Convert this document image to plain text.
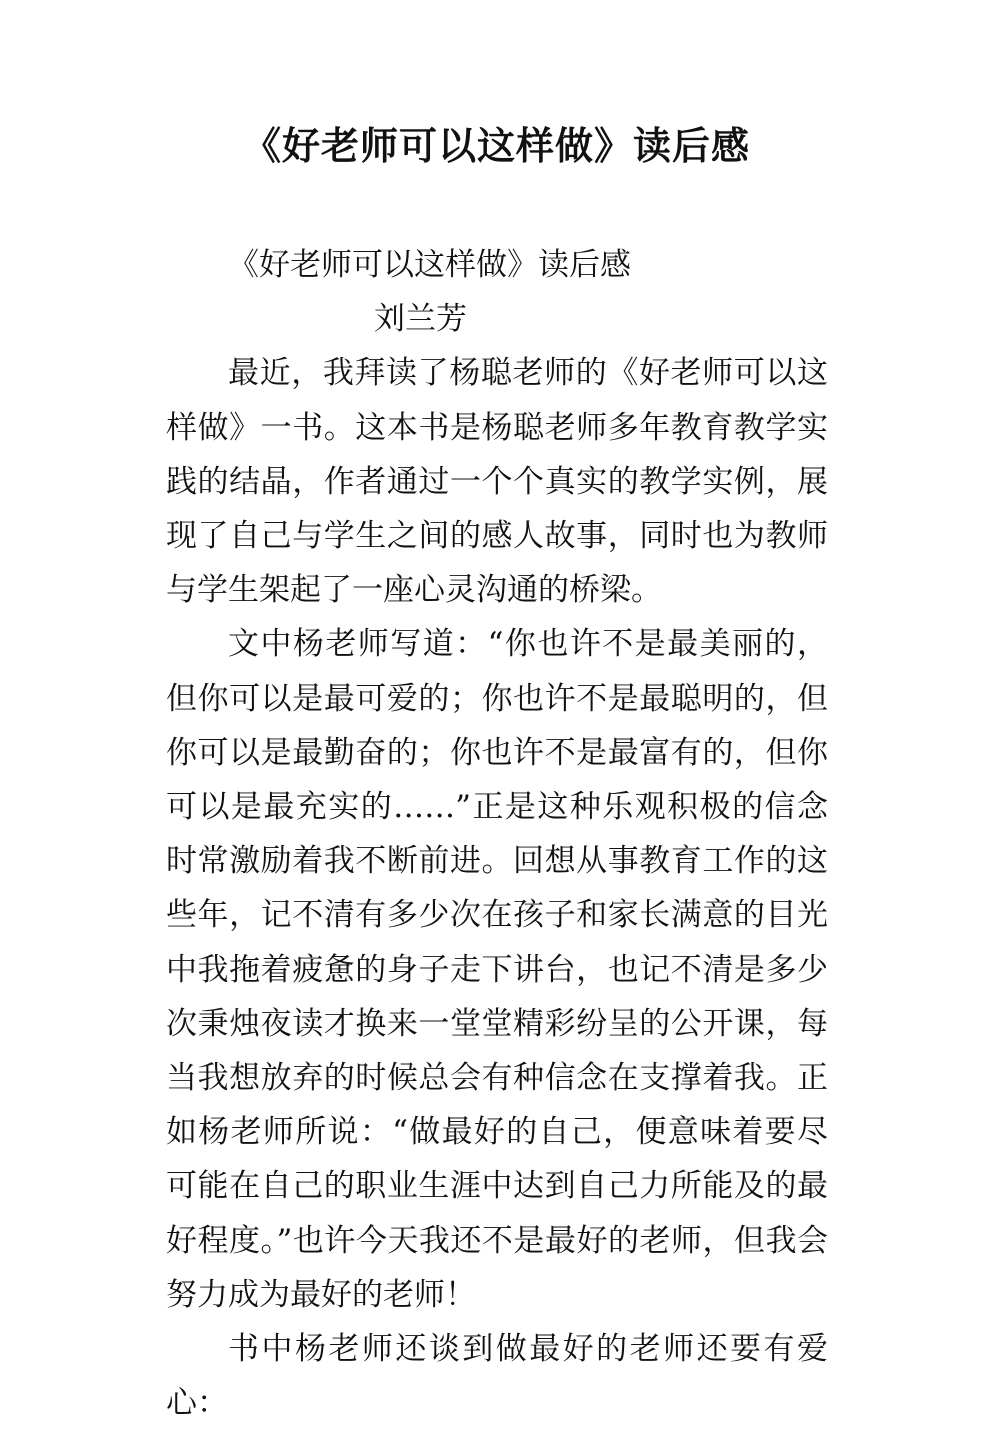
《好老师可以这样做》读后感

《好老师可以这样做》读后感

刘兰芳

最近，我拜读了杨聪老师的《好老师可以这样做》一书。这本书是杨聪老师多年教育教学实践的结晶，作者通过一个个真实的教学实例，展现了自己与学生之间的感人故事，同时也为教师与学生架起了一座心灵沟通的桥梁。

文中杨老师写道：“你也许不是最美丽的，但你可以是最可爱的；你也许不是最聪明的，但你可以是最勤奋的；你也许不是最富有的，但你可以是最充实的……”正是这种乐观积极的信念时常激励着我不断前进。回想从事教育工作的这些年，记不清有多少次在孩子和家长满意的目光中我拖着疲惫的身子走下讲台，也记不清是多少次秉烛夜读才换来一堂堂精彩纷呈的公开课，每当我想放弃的时候总会有种信念在支撑着我。正如杨老师所说：“做最好的自己，便意味着要尽可能在自己的职业生涯中达到自己力所能及的最好程度。”也许今天我还不是最好的老师，但我会努力成为最好的老师！

书中杨老师还谈到做最好的老师还要有爱心：
